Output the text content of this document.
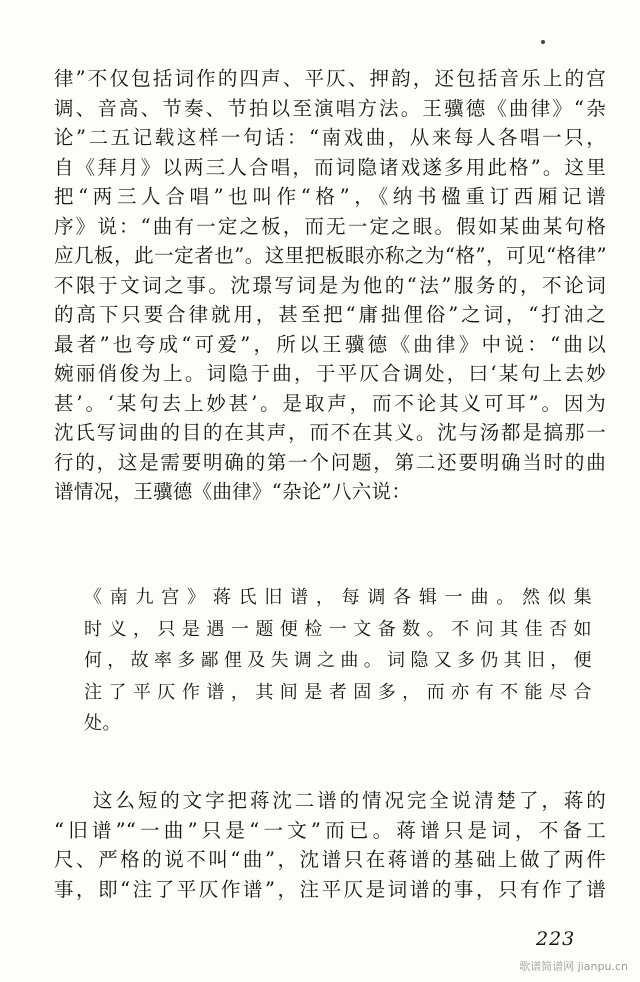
律”不仅包括词作的四声、平仄、押韵，还包括音乐上的宫
调、音高、节奏、节拍以至演唱方法。王骥德《曲律》“杂
论”二五记载这样一句话：“南戏曲，从来每人各唱一只，
自《拜月》以两三人合唱，而词隐诸戏遂多用此格”。这里
把“两三人合唱”也叫作“格”，《纳书楹重订西厢记谱
序》说：“曲有一定之板，而无一定之眼。假如某曲某句格
应几板，此一定者也”。这里把板眼亦称之为“格”，可见“格律”
不限于文词之事。沈璟写词是为他的“法”服务的，不论词
的高下只要合律就用，甚至把“庸拙俚俗”之词，“打油之
最者”也夸成“可爱”，所以王骥德《曲律》中说：“曲以
婉丽俏俊为上。词隐于曲，于平仄合调处，曰‘某句上去妙
甚’。‘某句去上妙甚’。是取声，而不论其义可耳”。因为
沈氏写词曲的目的在其声，而不在其义。沈与汤都是搞那一
行的，这是需要明确的第一个问题，第二还要明确当时的曲
谱情况，王骥德《曲律》“杂论”八六说：
《南九宫》蒋氏旧谱，每调各辑一曲。然似集
时义，只是遇一题便检一文备数。不问其佳否如
何，故率多鄙俚及失调之曲。词隐又多仍其旧，便
注了平仄作谱，其间是者固多，而亦有不能尽合
处。
这么短的文字把蒋沈二谱的情况完全说清楚了，蒋的
“旧谱”“一曲”只是“一文”而已。蒋谱只是词，不备工
尺、严格的说不叫“曲”，沈谱只在蒋谱的基础上做了两件
事，即“注了平仄作谱”，注平仄是词谱的事，只有作了谱
223
歌谱简谱网 jianpu.cn
